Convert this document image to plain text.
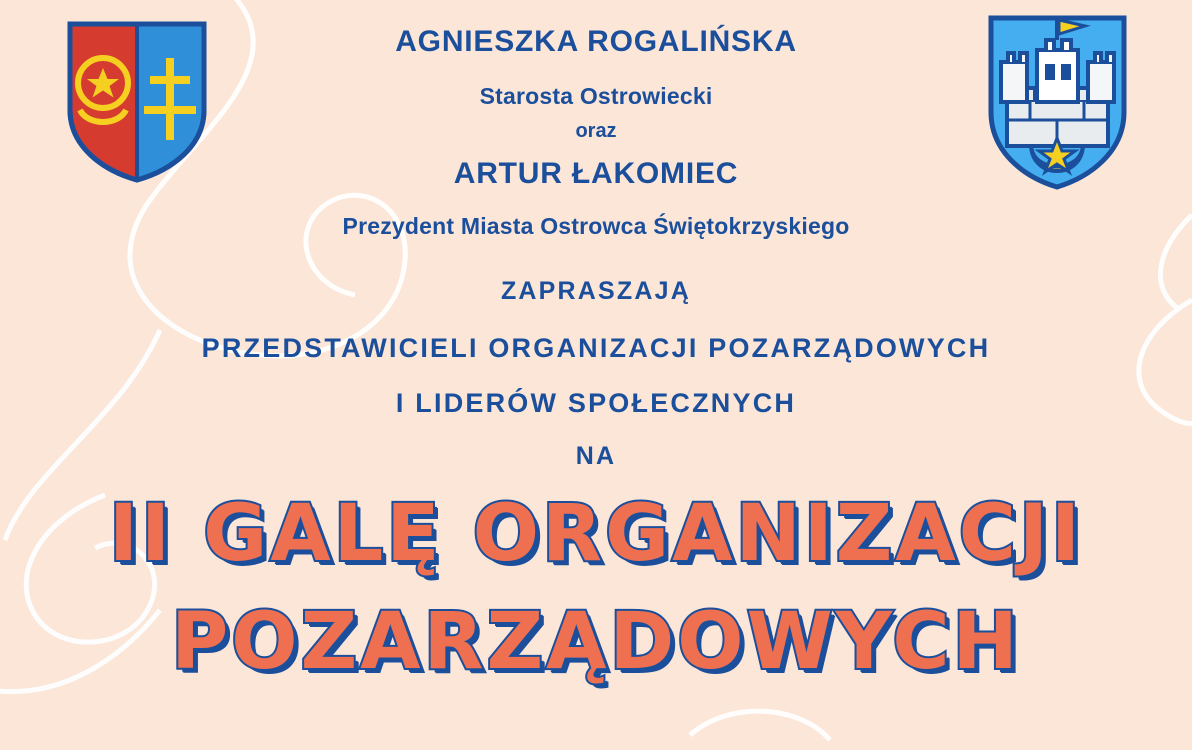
AGNIESZKA ROGALIŃSKA
Starosta Ostrowiecki
oraz
ARTUR ŁAKOMIEC
Prezydent Miasta Ostrowca Świętokrzyskiego
ZAPRASZAJĄ
PRZEDSTAWICIELI ORGANIZACJI POZARZĄDOWYCH
I LIDERÓW SPOŁECZNYCH
NA
II GALĘ ORGANIZACJI
POZARZĄDOWYCH
